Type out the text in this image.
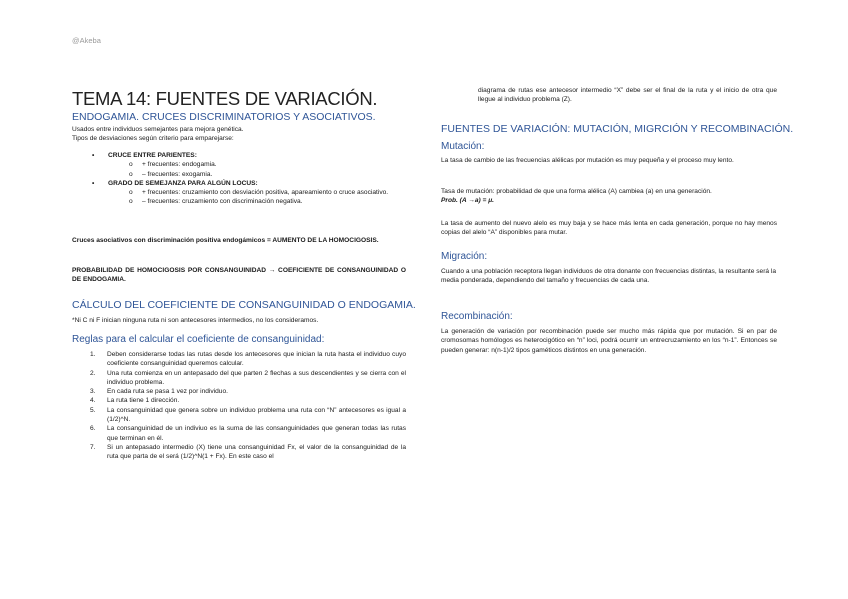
@Akeba
TEMA 14: FUENTES DE VARIACIÓN.
ENDOGAMIA. CRUCES DISCRIMINATORIOS Y ASOCIATIVOS.
Usados entre individuos semejantes para mejora genética.
Tipos de desviaciones según criterio para emparejarse:
• CRUCE ENTRE PARIENTES:
o + frecuentes: endogamia.
o – frecuentes: exogamia.
• GRADO DE SEMEJANZA PARA ALGÚN LOCUS:
o + frecuentes: cruzamiento con desviación positiva, apareamiento o cruce asociativo.
o – frecuentes: cruzamiento con discriminación negativa.
Cruces asociativos con discriminación positiva endogámicos = AUMENTO DE LA HOMOCIGOSIS.
PROBABILIDAD DE HOMOCIGOSIS POR CONSANGUINIDAD → COEFICIENTE DE CONSANGUINIDAD O DE ENDOGAMIA.
CÁLCULO DEL COEFICIENTE DE CONSANGUINIDAD O ENDOGAMIA.
*Ni C ni F inician ninguna ruta ni son antecesores intermedios, no los consideramos.
Reglas para el calcular el coeficiente de consanguinidad:
1. Deben considerarse todas las rutas desde los antecesores que inician la ruta hasta el individuo cuyo coeficiente consanguinidad queremos calcular.
2. Una ruta comienza en un antepasado del que parten 2 flechas a sus descendientes y se cierra con el individuo problema.
3. En cada ruta se pasa 1 vez por individuo.
4. La ruta tiene 1 dirección.
5. La consanguinidad que genera sobre un individuo problema una ruta con “N” antecesores es igual a (1/2)^N.
6. La consanguinidad de un indiviuo es la suma de las consanguinidades que generan todas las rutas que terminan en él.
7. Si un antepasado intermedio (X) tiene una consanguinidad Fx, el valor de la consanguinidad de la ruta que parta de el será (1/2)^N(1 + Fx). En este caso el
diagrama de rutas ese antecesor intermedio “X” debe ser el final de la ruta y el inicio de otra que llegue al individuo problema (Z).
FUENTES DE VARIACIÓN: MUTACIÓN, MIGRCIÓN Y RECOMBINACIÓN.
Mutación:
La tasa de cambio de las frecuencias alélicas por mutación es muy pequeña y el proceso muy lento.
Tasa de mutación: probabilidad de que una forma alélica (A) cambiea (a) en una generación.
Prob. (A →a) = μ.
La tasa de aumento del nuevo alelo es muy baja y se hace más lenta en cada generación, porque no hay menos copias del alelo “A” disponibles para mutar.
Migración:
Cuando a una población receptora llegan individuos de otra donante con frecuencias distintas, la resultante será la media ponderada, dependiendo del tamaño y frecuencias de cada una.
Recombinación:
La generación de variación por recombinación puede ser mucho más rápida que por mutación. Si en par de cromosomas homólogos es heterocigótico en “n” loci, podrá ocurrir un entrecruzamiento en los “n-1”. Entonces se pueden generar: n(n-1)/2 tipos gaméticos distintos en una generación.
